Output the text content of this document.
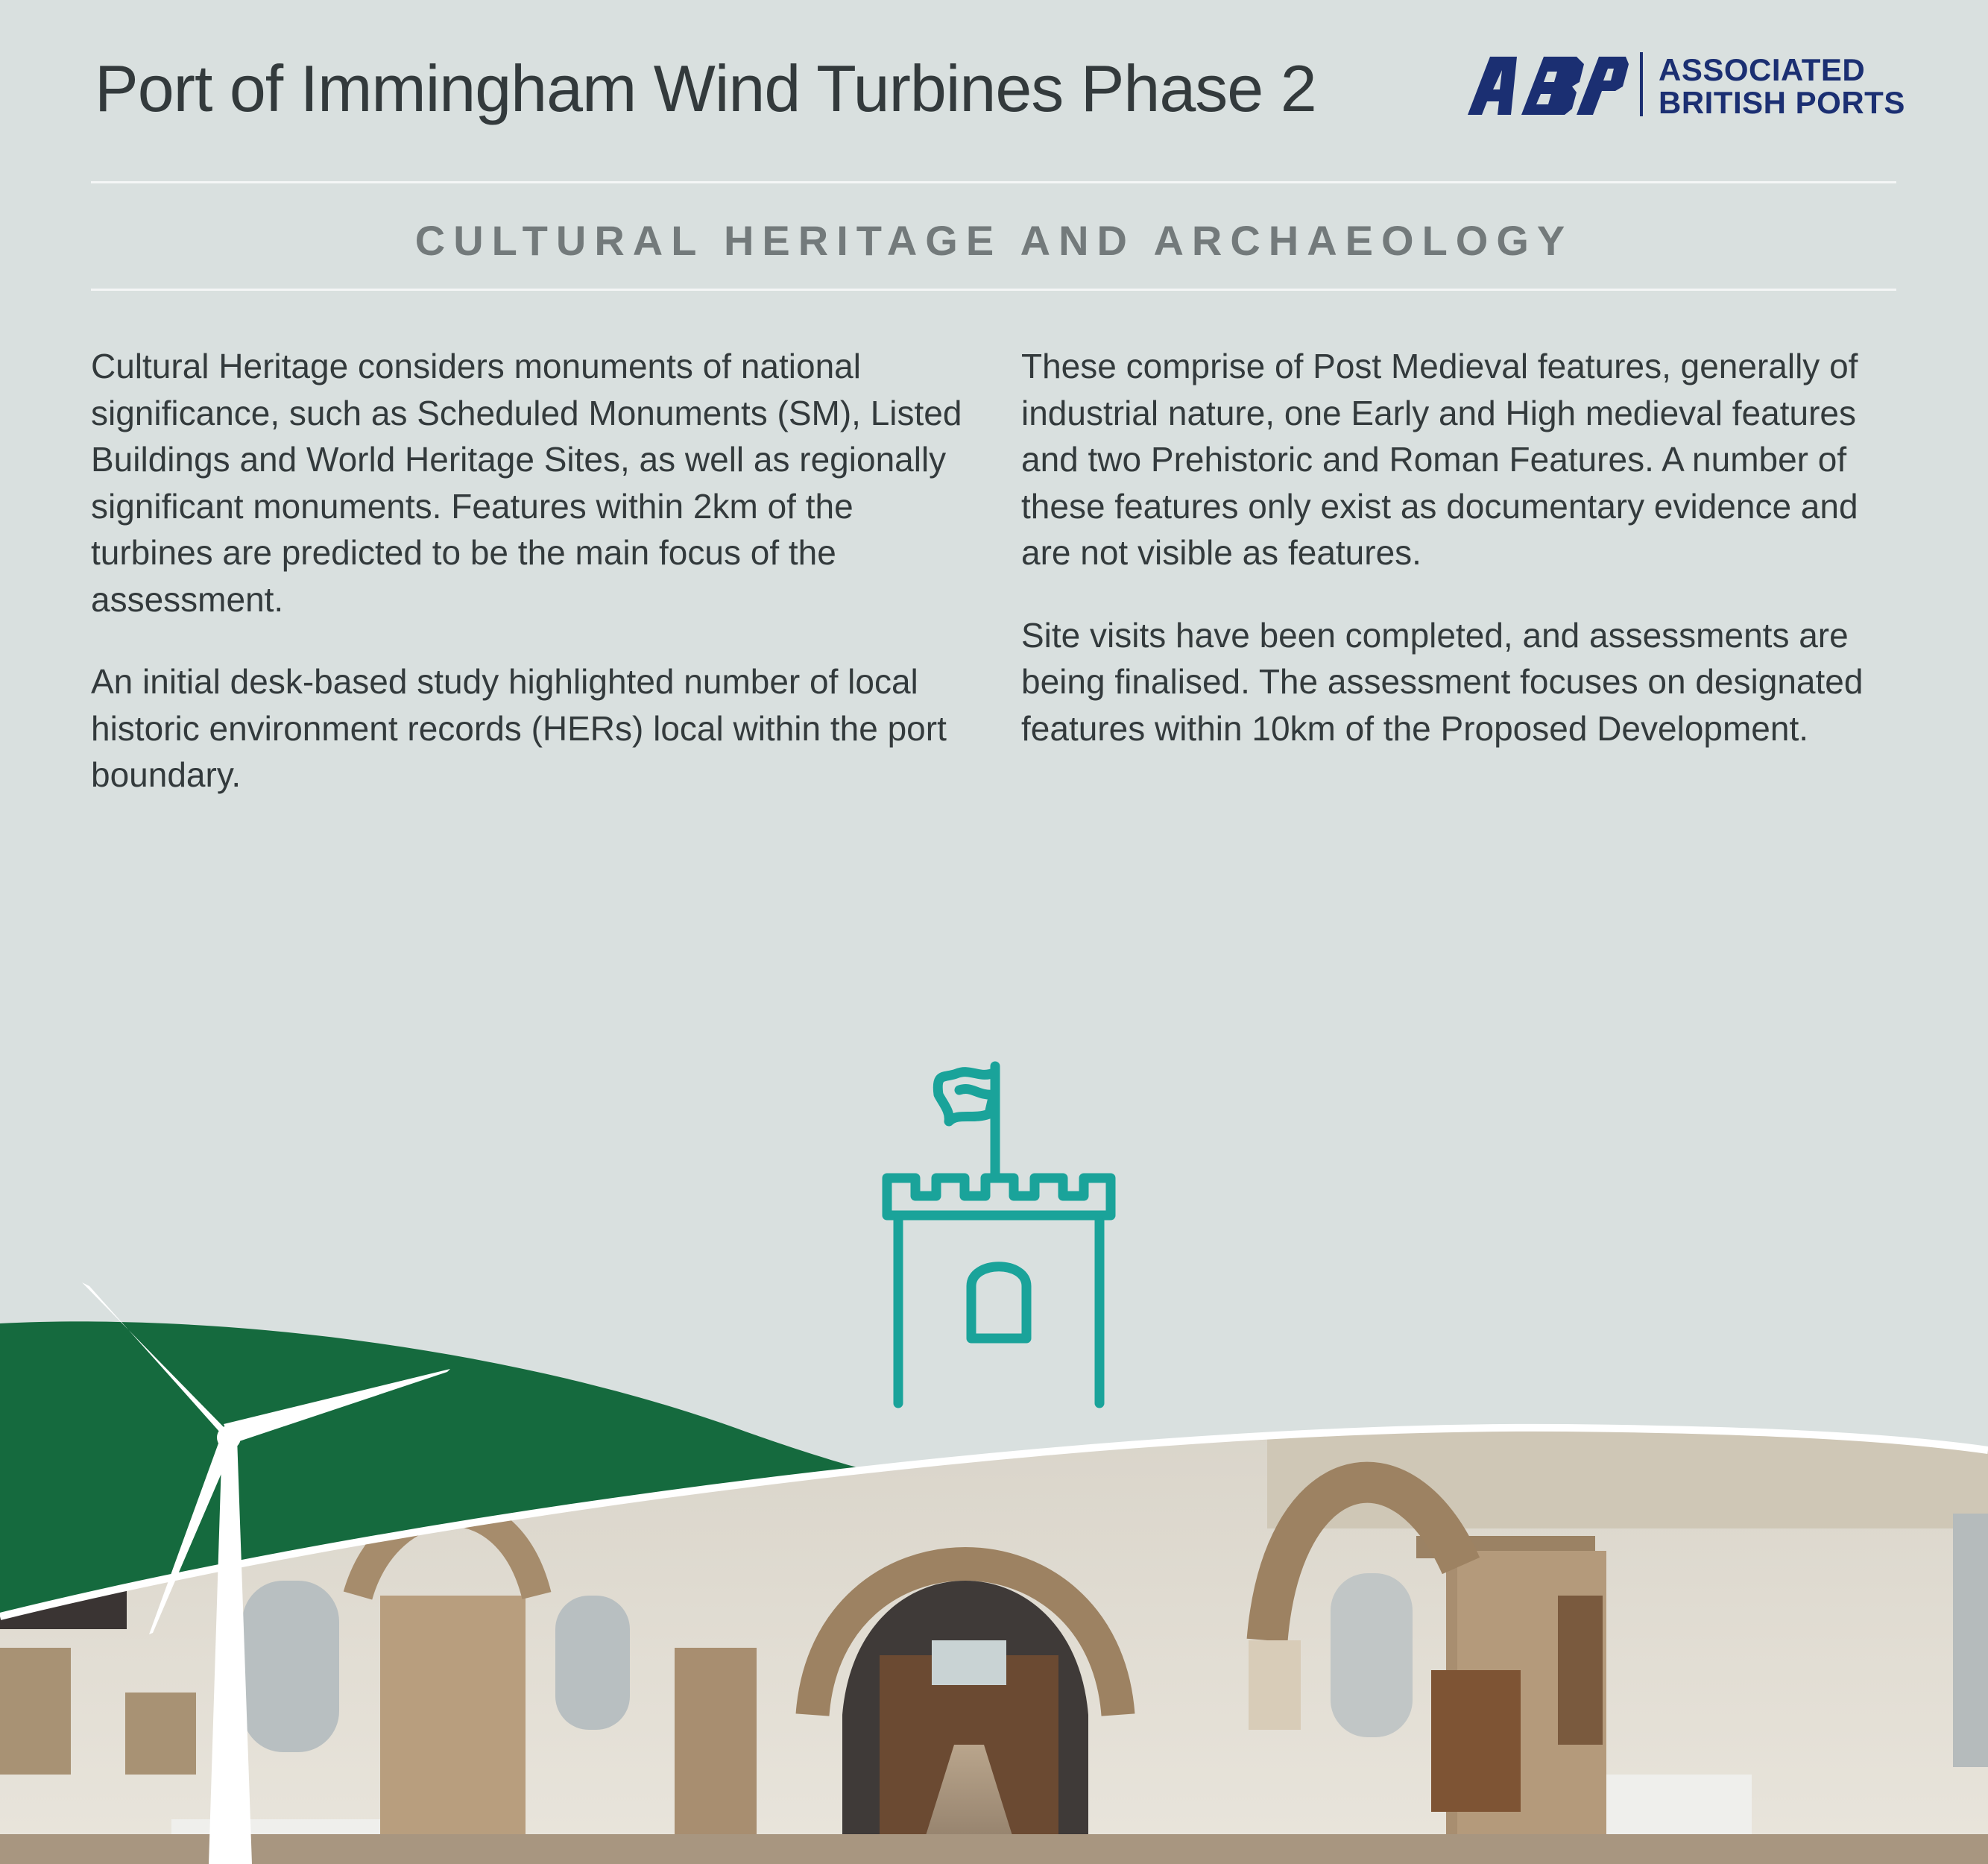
Port of Immingham Wind Turbines Phase 2	ASSOCIATED
BRITISH PORTS
CULTURAL HERITAGE AND ARCHAEOLOGY

Cultural Heritage considers monuments of national significance, such as Scheduled Monuments (SM), Listed Buildings and World Heritage Sites, as well as regionally significant monuments. Features within 2km of the turbines are predicted to be the main focus of the assessment.

An initial desk-based study highlighted number of local historic environment records (HERs) local within the port boundary.

These comprise of Post Medieval features, generally of industrial nature, one Early and High medieval features and two Prehistoric and Roman Features. A number of these features only exist as documentary evidence and are not visible as features.

Site visits have been completed, and assessments are being finalised. The assessment focuses on designated features within 10km of the Proposed Development.
